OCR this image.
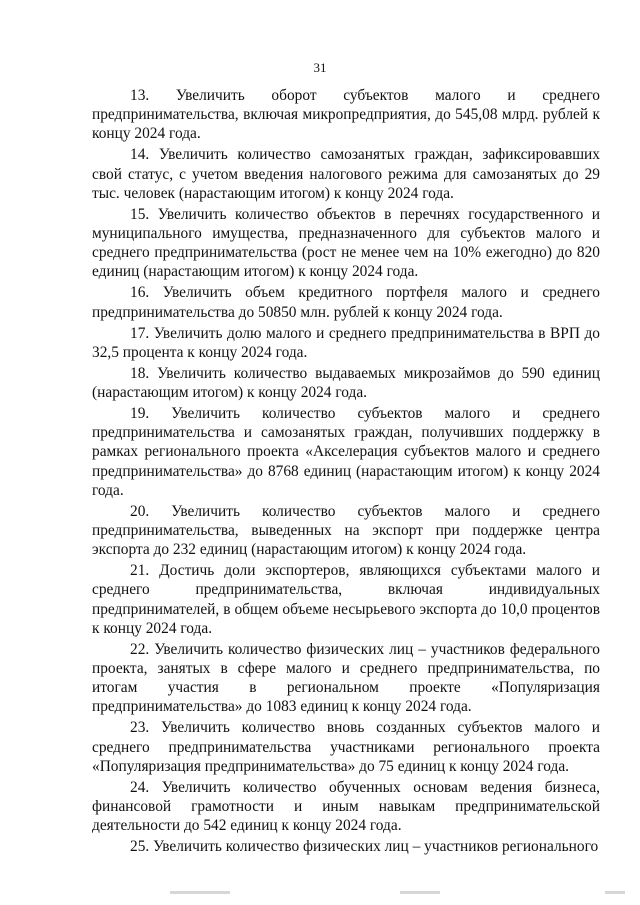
31

13. Увеличить оборот субъектов малого и среднего предпринимательства, включая микропредприятия, до 545,08 млрд. рублей к концу 2024 года.

14. Увеличить количество самозанятых граждан, зафиксировавших свой статус, с учетом введения налогового режима для самозанятых до 29 тыс. человек (нарастающим итогом) к концу 2024 года.

15. Увеличить количество объектов в перечнях государственного и муниципального имущества, предназначенного для субъектов малого и среднего предпринимательства (рост не менее чем на 10% ежегодно) до 820 единиц (нарастающим итогом) к концу 2024 года.

16. Увеличить объем кредитного портфеля малого и среднего предпринимательства до 50850 млн. рублей к концу 2024 года.

17. Увеличить долю малого и среднего предпринимательства в ВРП до 32,5 процента к концу 2024 года.

18. Увеличить количество выдаваемых микрозаймов до 590 единиц (нарастающим итогом) к концу 2024 года.

19. Увеличить количество субъектов малого и среднего предпринимательства и самозанятых граждан, получивших поддержку в рамках регионального проекта «Акселерация субъектов малого и среднего предпринимательства» до 8768 единиц (нарастающим итогом) к концу 2024 года.

20. Увеличить количество субъектов малого и среднего предпринимательства, выведенных на экспорт при поддержке центра экспорта до 232 единиц (нарастающим итогом) к концу 2024 года.

21. Достичь доли экспортеров, являющихся субъектами малого и среднего предпринимательства, включая индивидуальных предпринимателей, в общем объеме несырьевого экспорта до 10,0 процентов к концу 2024 года.

22. Увеличить количество физических лиц – участников федерального проекта, занятых в сфере малого и среднего предпринимательства, по итогам участия в региональном проекте «Популяризация предпринимательства» до 1083 единиц к концу 2024 года.

23. Увеличить количество вновь созданных субъектов малого и среднего предпринимательства участниками регионального проекта «Популяризация предпринимательства» до 75 единиц к концу 2024 года.

24. Увеличить количество обученных основам ведения бизнеса, финансовой грамотности и иным навыкам предпринимательской деятельности до 542 единиц к концу 2024 года.

25. Увеличить количество физических лиц – участников регионального
